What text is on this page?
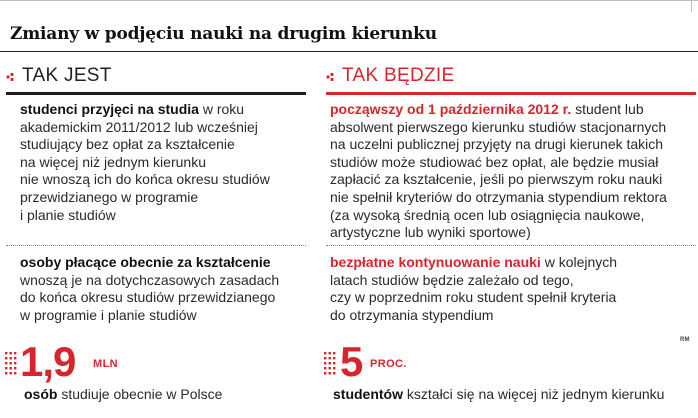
Zmiany w podjęciu nauki na drugim kierunku
TAK JEST	TAK BĘDZIE

studenci przyjęci na studia w roku

akademickim 2011/2012 lub wcześniej

studiujący bez opłat za kształcenie

na więcej niż jednym kierunku

nie wnoszą ich do końca okresu studiów

przewidzianego w programie

i planie studiów

począwszy od 1 października 2012 r. student lub

absolwent pierwszego kierunku studiów stacjonarnych

na uczelni publicznej przyjęty na drugi kierunek takich

studiów może studiować bez opłat, ale będzie musiał

zapłacić za kształcenie, jeśli po pierwszym roku nauki

nie spełnił kryteriów do otrzymania stypendium rektora

(za wysoką średnią ocen lub osiągnięcia naukowe,

artystyczne lub wyniki sportowe)

osoby płacące obecnie za kształcenie

wnoszą je na dotychczasowych zasadach

do końca okresu studiów przewidzianego

w programie i planie studiów

bezpłatne kontynuowanie nauki w kolejnych

latach studiów będzie zależało od tego,

czy w poprzednim roku student spełnił kryteria

do otrzymania stypendium

RM
1,9 MLN
osób studiuje obecnie w Polsce
5 PROC.
studentów kształci się na więcej niż jednym kierunku
